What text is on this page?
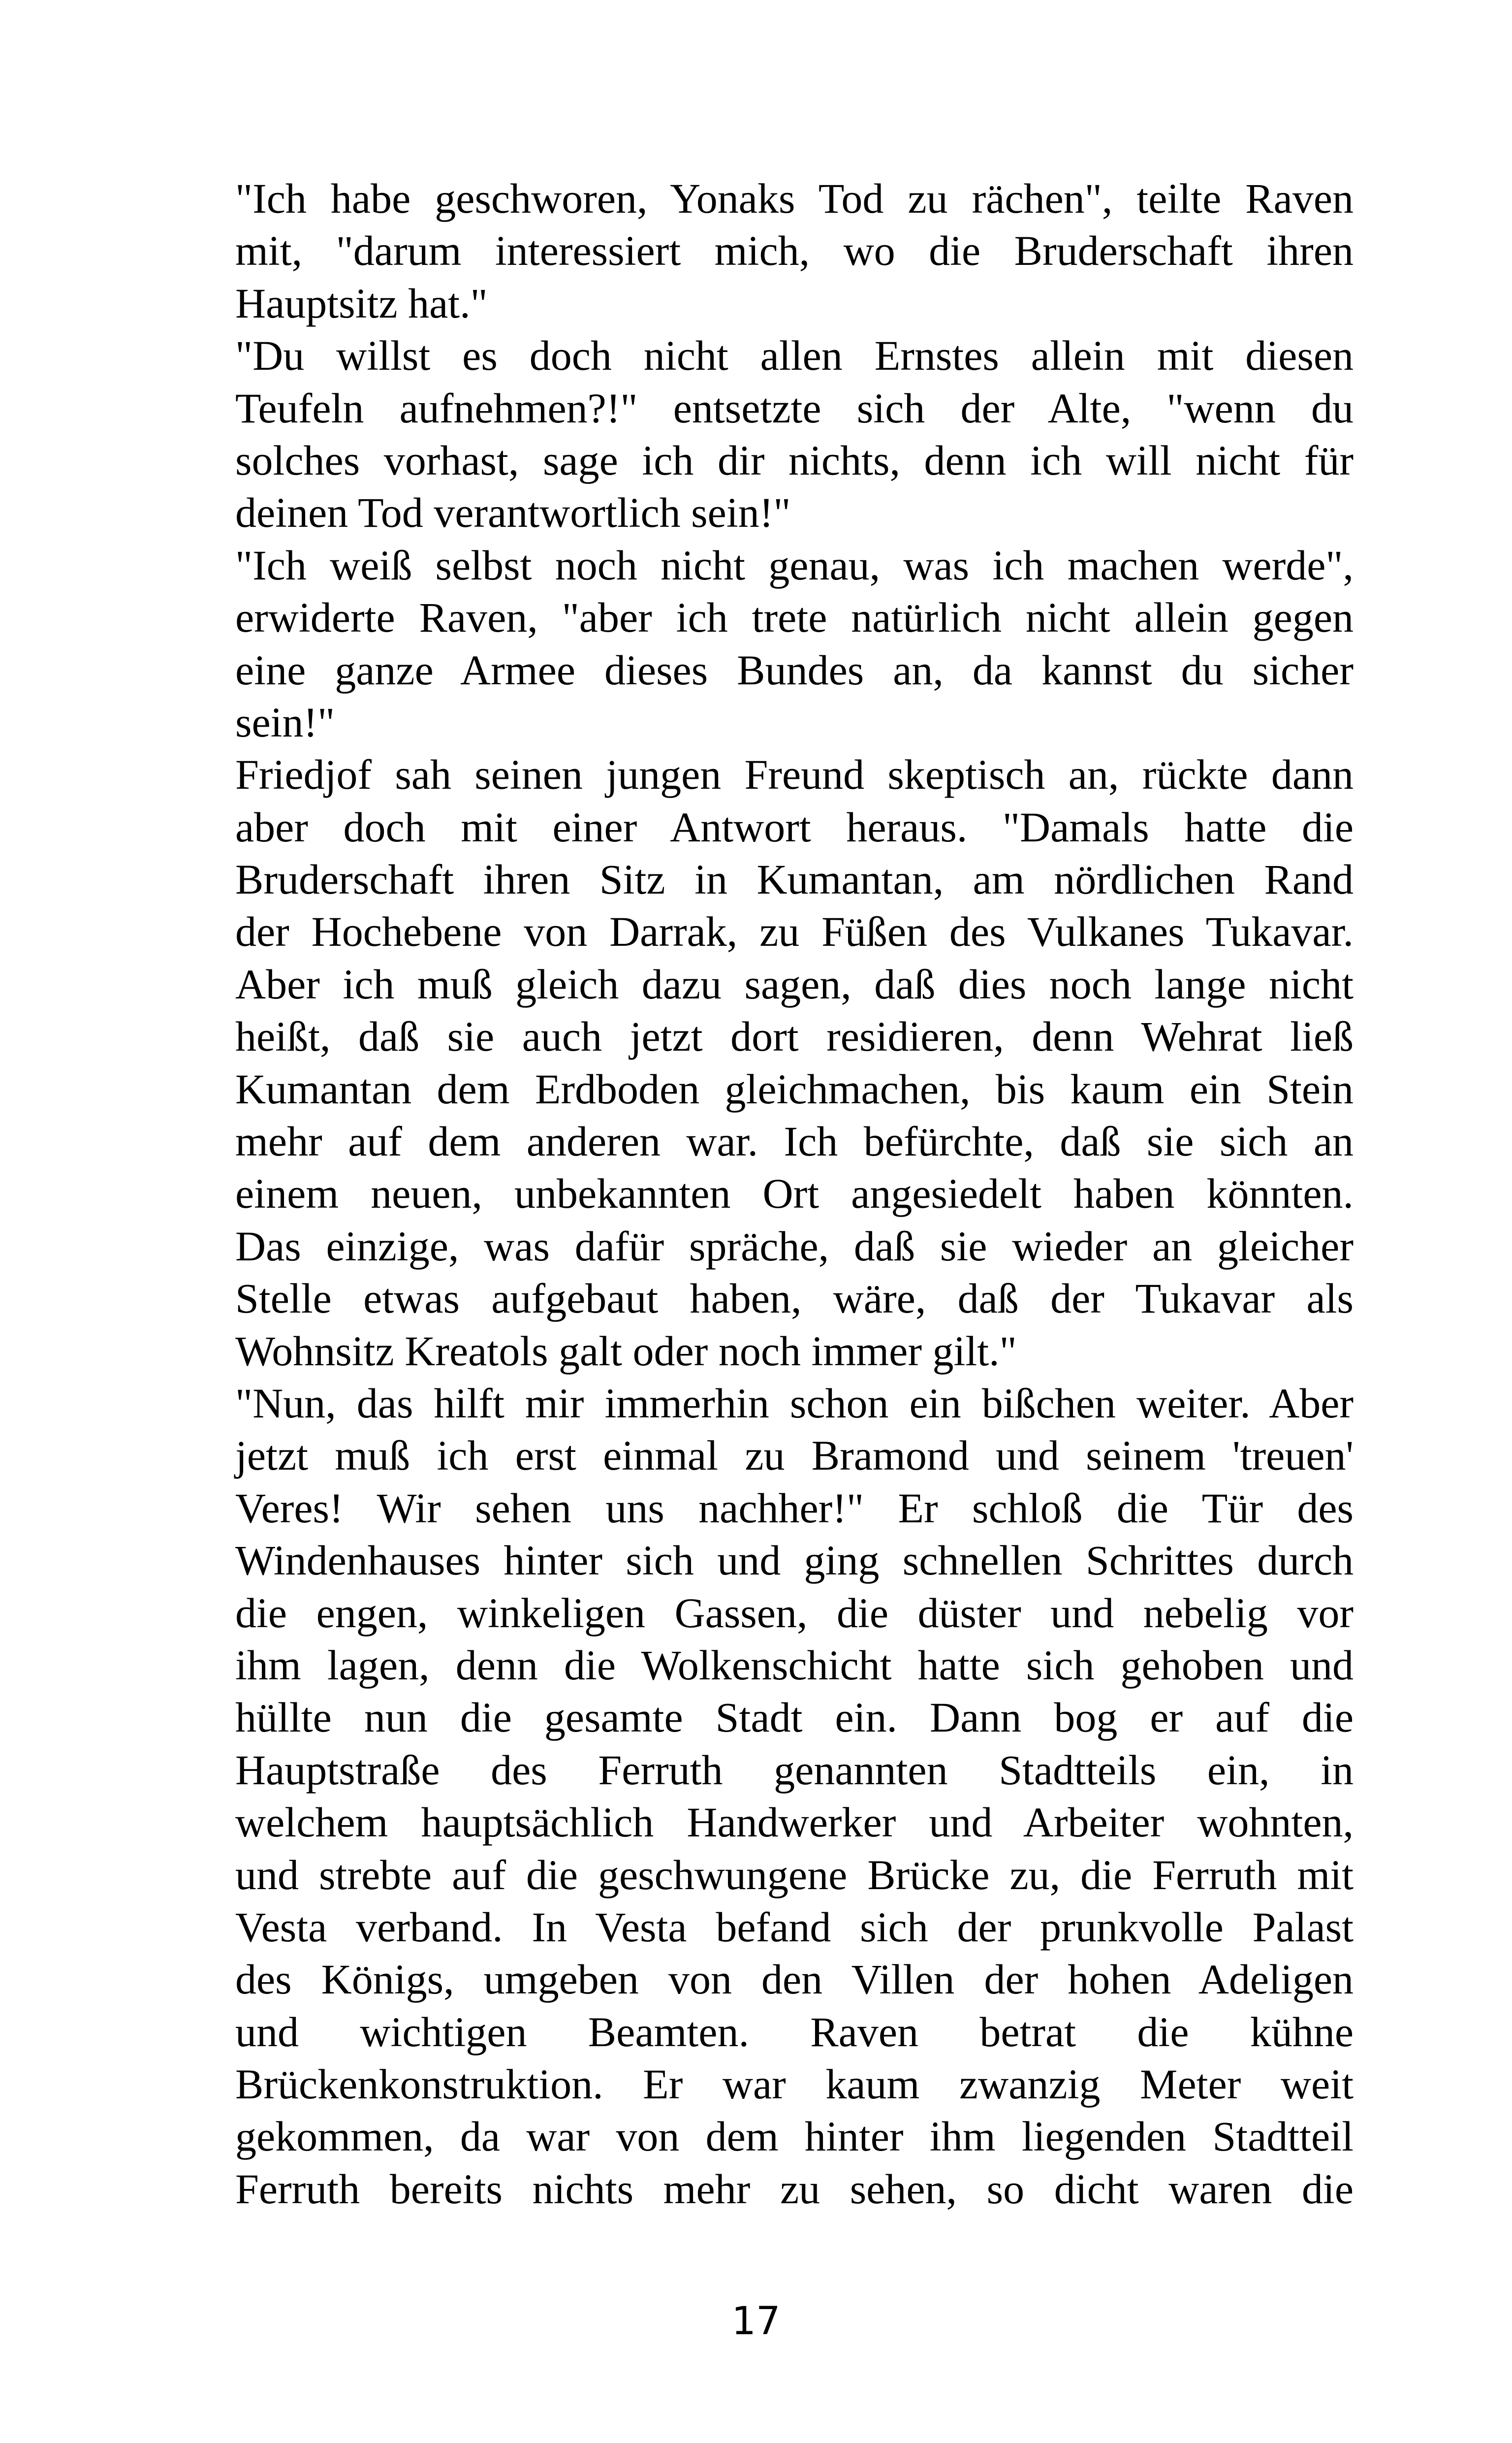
"Ich habe geschworen, Yonaks Tod zu rächen", teilte Raven
mit, "darum interessiert mich, wo die Bruderschaft ihren
Hauptsitz hat."
"Du willst es doch nicht allen Ernstes allein mit diesen
Teufeln aufnehmen?!" entsetzte sich der Alte, "wenn du
solches vorhast, sage ich dir nichts, denn ich will nicht für
deinen Tod verantwortlich sein!"
"Ich weiß selbst noch nicht genau, was ich machen werde",
erwiderte Raven, "aber ich trete natürlich nicht allein gegen
eine ganze Armee dieses Bundes an, da kannst du sicher
sein!"
Friedjof sah seinen jungen Freund skeptisch an, rückte dann
aber doch mit einer Antwort heraus. "Damals hatte die
Bruderschaft ihren Sitz in Kumantan, am nördlichen Rand
der Hochebene von Darrak, zu Füßen des Vulkanes Tukavar.
Aber ich muß gleich dazu sagen, daß dies noch lange nicht
heißt, daß sie auch jetzt dort residieren, denn Wehrat ließ
Kumantan dem Erdboden gleichmachen, bis kaum ein Stein
mehr auf dem anderen war. Ich befürchte, daß sie sich an
einem neuen, unbekannten Ort angesiedelt haben könnten.
Das einzige, was dafür spräche, daß sie wieder an gleicher
Stelle etwas aufgebaut haben, wäre, daß der Tukavar als
Wohnsitz Kreatols galt oder noch immer gilt."
"Nun, das hilft mir immerhin schon ein bißchen weiter. Aber
jetzt muß ich erst einmal zu Bramond und seinem 'treuen'
Veres! Wir sehen uns nachher!" Er schloß die Tür des
Windenhauses hinter sich und ging schnellen Schrittes durch
die engen, winkeligen Gassen, die düster und nebelig vor
ihm lagen, denn die Wolkenschicht hatte sich gehoben und
hüllte nun die gesamte Stadt ein. Dann bog er auf die
Hauptstraße des Ferruth genannten Stadtteils ein, in
welchem hauptsächlich Handwerker und Arbeiter wohnten,
und strebte auf die geschwungene Brücke zu, die Ferruth mit
Vesta verband. In Vesta befand sich der prunkvolle Palast
des Königs, umgeben von den Villen der hohen Adeligen
und wichtigen Beamten. Raven betrat die kühne
Brückenkonstruktion. Er war kaum zwanzig Meter weit
gekommen, da war von dem hinter ihm liegenden Stadtteil
Ferruth bereits nichts mehr zu sehen, so dicht waren die
17
